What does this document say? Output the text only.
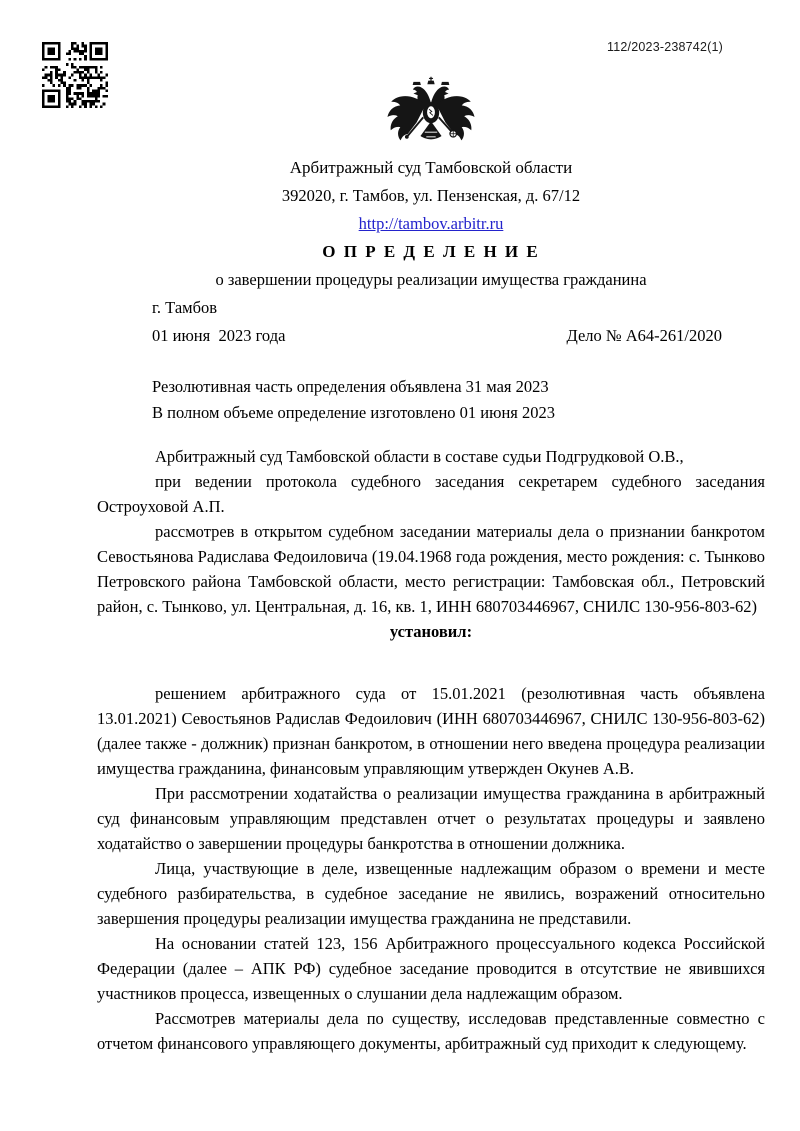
112/2023-238742(1)
Арбитражный суд Тамбовской области
392020, г. Тамбов, ул. Пензенская, д. 67/12
http://tambov.arbitr.ru
О П Р Е Д Е Л Е Н И Е
о завершении процедуры реализации имущества гражданина
г. Тамбов
01 июня  2023 года	Дело № А64-261/2020
Резолютивная часть определения объявлена 31 мая 2023
В полном объеме определение изготовлено 01 июня 2023

Арбитражный суд Тамбовской области в составе судьи Подгрудковой О.В.,

при ведении протокола судебного заседания секретарем судебного заседания Остроуховой А.П.

рассмотрев в открытом судебном заседании материалы дела о признании банкротом Севостьянова Радислава Федоиловича (19.04.1968 года рождения, место рождения: с. Тынково Петровского района Тамбовской области, место регистрации: Тамбовская обл., Петровский район, с. Тынково, ул. Центральная, д. 16, кв. 1, ИНН 680703446967, СНИЛС 130-956-803-62)

установил:

решением арбитражного суда от 15.01.2021 (резолютивная часть объявлена 13.01.2021) Севостьянов Радислав Федоилович (ИНН 680703446967, СНИЛС 130-956-803-62) (далее также - должник) признан банкротом, в отношении него введена процедура реализации имущества гражданина, финансовым управляющим утвержден Окунев А.В.

При рассмотрении ходатайства о реализации имущества гражданина в арбитражный суд финансовым управляющим представлен отчет о результатах процедуры и заявлено ходатайство о завершении процедуры банкротства в отношении должника.

Лица, участвующие в деле, извещенные надлежащим образом о времени и месте судебного разбирательства, в судебное заседание не явились, возражений относительно завершения процедуры реализации имущества гражданина не представили.

На основании статей 123, 156 Арбитражного процессуального кодекса Российской Федерации (далее – АПК РФ) судебное заседание проводится в отсутствие не явившихся участников процесса, извещенных о слушании дела надлежащим образом.

Рассмотрев материалы дела по существу, исследовав представленные совместно с отчетом финансового управляющего документы, арбитражный суд приходит к следующему.
